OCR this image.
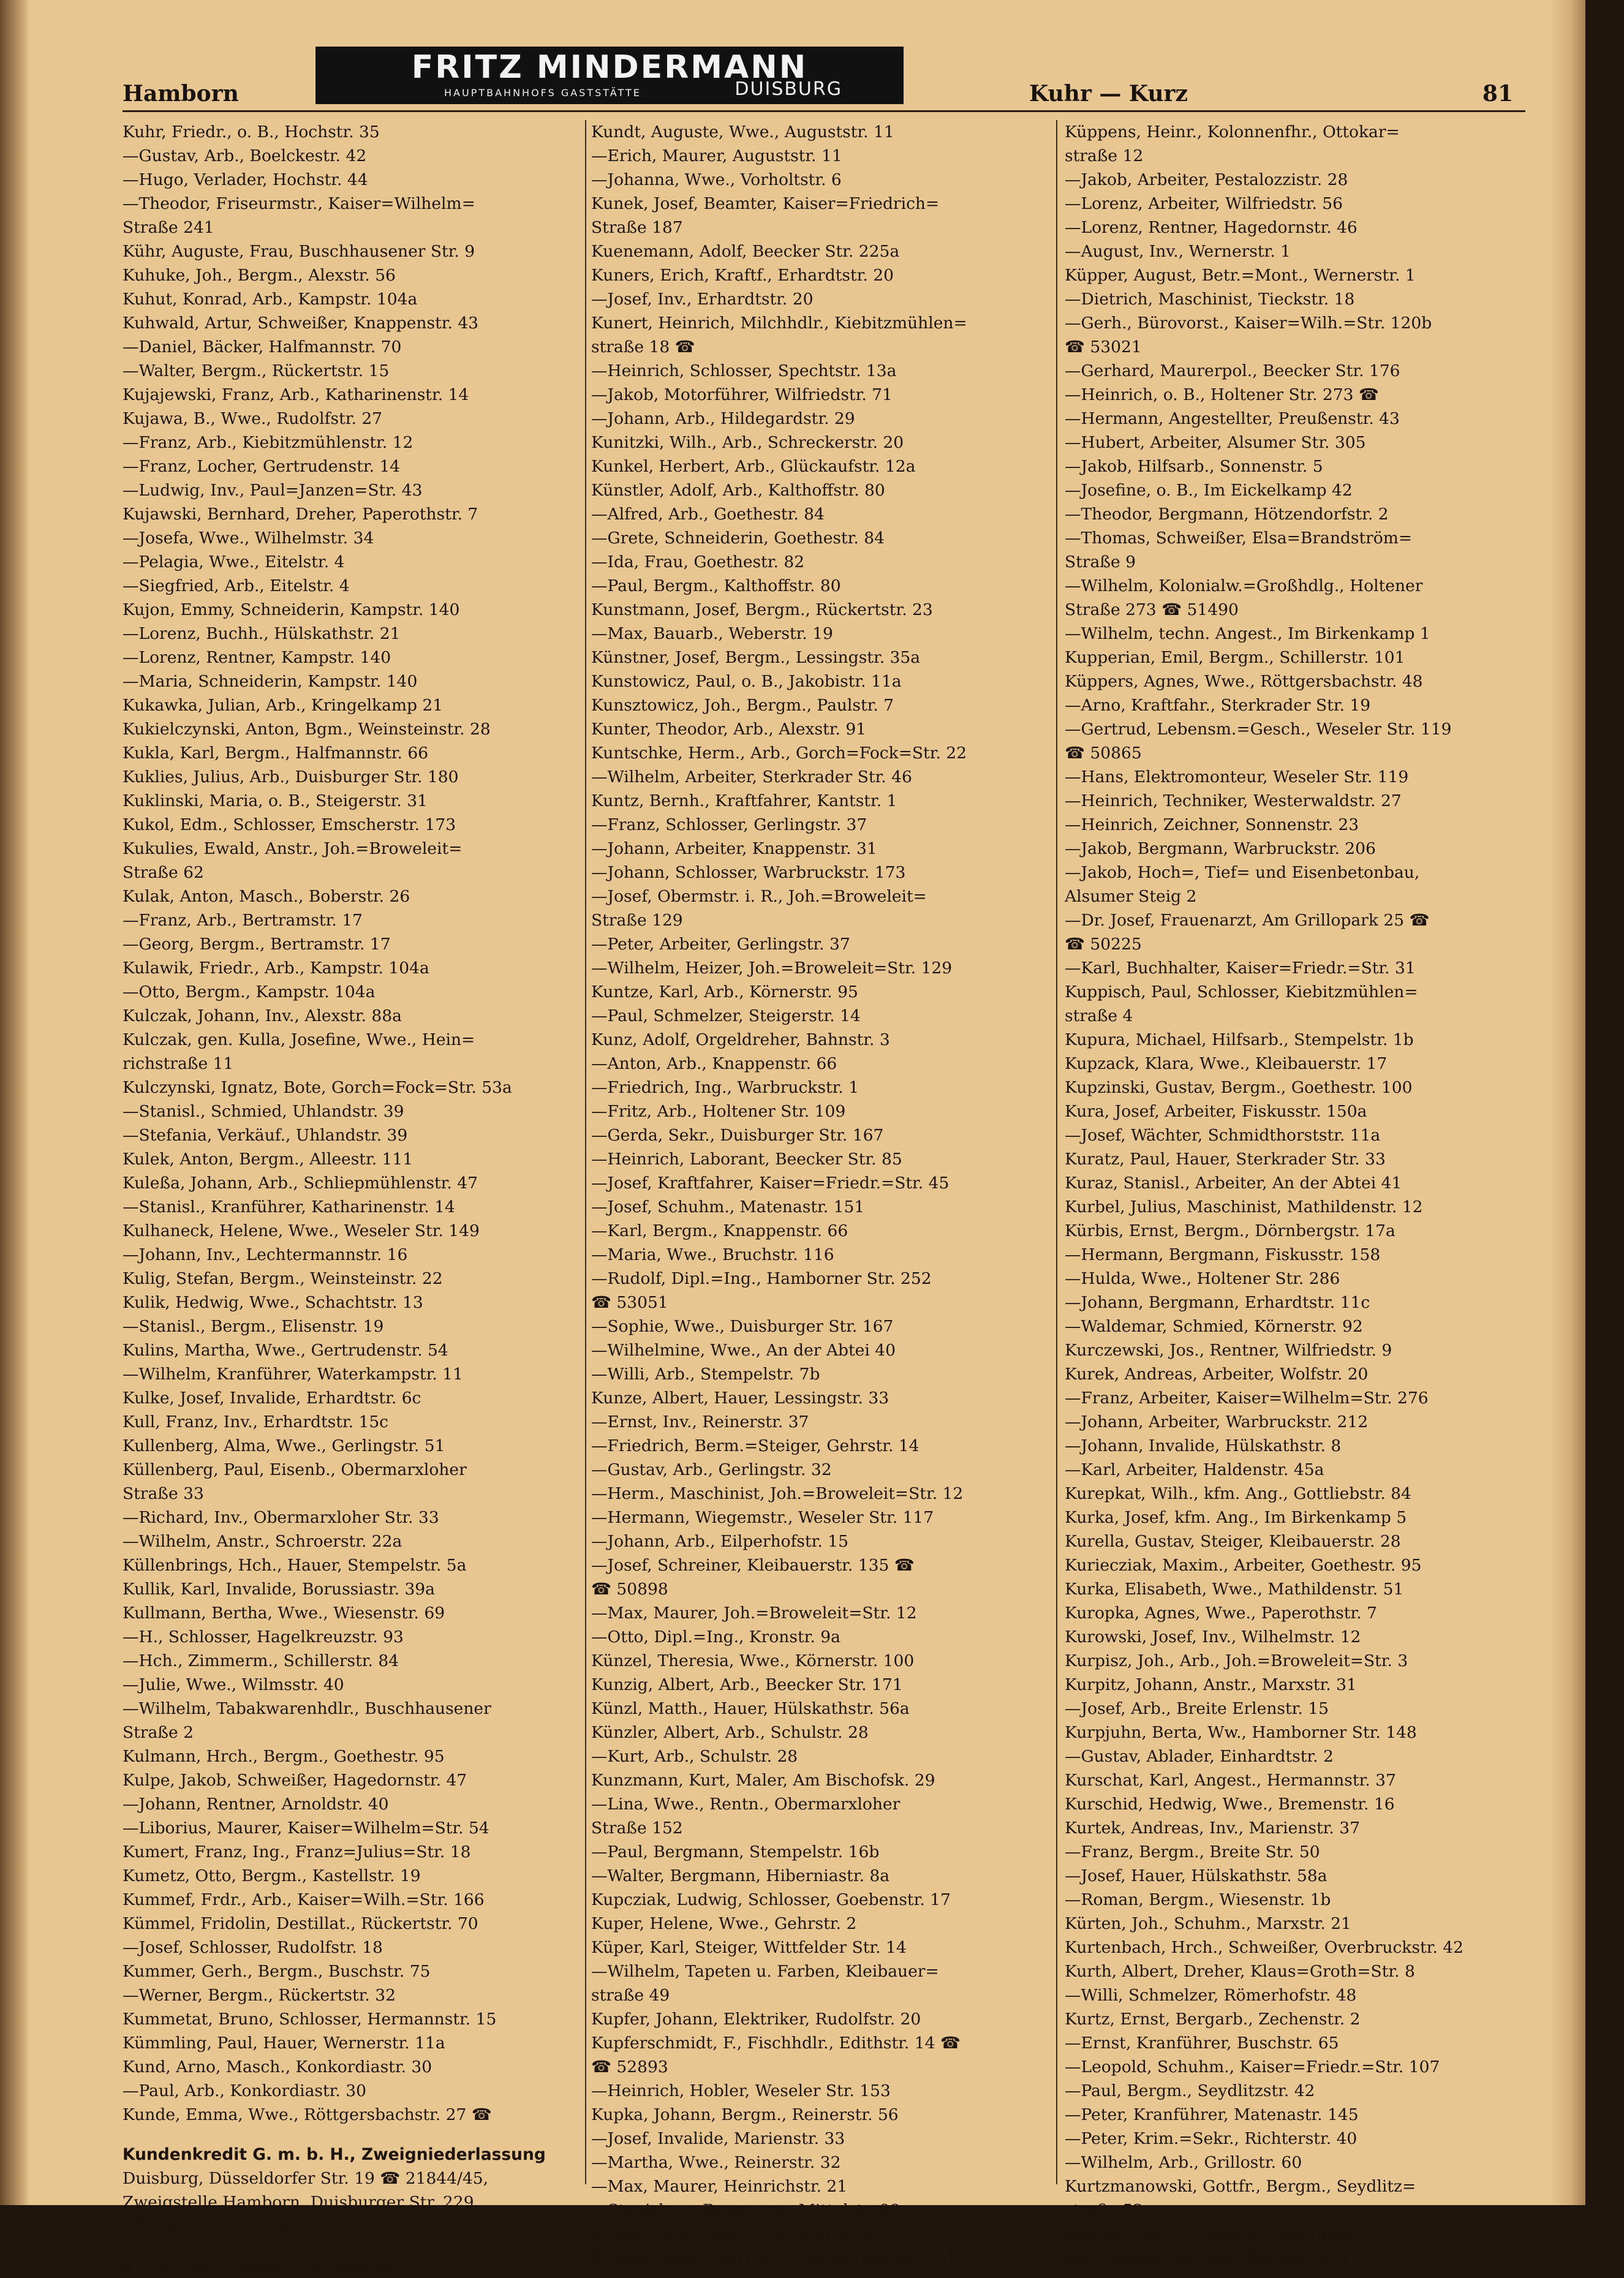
Hamborn
FRITZ MINDERMANN
HAUPTBAHNHOFS GASTSTÄTTE	DUISBURG	Kuhr — Kurz	81
Kuhr, Friedr., o. B., Hochstr. 35
—Gustav, Arb., Boelckestr. 42
—Hugo, Verlader, Hochstr. 44
—Theodor, Friseurmstr., Kaiser=Wilhelm=
Straße 241
Kühr, Auguste, Frau, Buschhausener Str. 9
Kuhuke, Joh., Bergm., Alexstr. 56
Kuhut, Konrad, Arb., Kampstr. 104a
Kuhwald, Artur, Schweißer, Knappenstr. 43
—Daniel, Bäcker, Halfmannstr. 70
—Walter, Bergm., Rückertstr. 15
Kujajewski, Franz, Arb., Katharinenstr. 14
Kujawa, B., Wwe., Rudolfstr. 27
—Franz, Arb., Kiebitzmühlenstr. 12
—Franz, Locher, Gertrudenstr. 14
—Ludwig, Inv., Paul=Janzen=Str. 43
Kujawski, Bernhard, Dreher, Paperothstr. 7
—Josefa, Wwe., Wilhelmstr. 34
—Pelagia, Wwe., Eitelstr. 4
—Siegfried, Arb., Eitelstr. 4
Kujon, Emmy, Schneiderin, Kampstr. 140
—Lorenz, Buchh., Hülskathstr. 21
—Lorenz, Rentner, Kampstr. 140
—Maria, Schneiderin, Kampstr. 140
Kukawka, Julian, Arb., Kringelkamp 21
Kukielczynski, Anton, Bgm., Weinsteinstr. 28
Kukla, Karl, Bergm., Halfmannstr. 66
Kuklies, Julius, Arb., Duisburger Str. 180
Kuklinski, Maria, o. B., Steigerstr. 31
Kukol, Edm., Schlosser, Emscherstr. 173
Kukulies, Ewald, Anstr., Joh.=Broweleit=
Straße 62
Kulak, Anton, Masch., Boberstr. 26
—Franz, Arb., Bertramstr. 17
—Georg, Bergm., Bertramstr. 17
Kulawik, Friedr., Arb., Kampstr. 104a
—Otto, Bergm., Kampstr. 104a
Kulczak, Johann, Inv., Alexstr. 88a
Kulczak, gen. Kulla, Josefine, Wwe., Hein=
richstraße 11
Kulczynski, Ignatz, Bote, Gorch=Fock=Str. 53a
—Stanisl., Schmied, Uhlandstr. 39
—Stefania, Verkäuf., Uhlandstr. 39
Kulek, Anton, Bergm., Alleestr. 111
Kuleßa, Johann, Arb., Schliepmühlenstr. 47
—Stanisl., Kranführer, Katharinenstr. 14
Kulhaneck, Helene, Wwe., Weseler Str. 149
—Johann, Inv., Lechtermannstr. 16
Kulig, Stefan, Bergm., Weinsteinstr. 22
Kulik, Hedwig, Wwe., Schachtstr. 13
—Stanisl., Bergm., Elisenstr. 19
Kulins, Martha, Wwe., Gertrudenstr. 54
—Wilhelm, Kranführer, Waterkampstr. 11
Kulke, Josef, Invalide, Erhardtstr. 6c
Kull, Franz, Inv., Erhardtstr. 15c
Kullenberg, Alma, Wwe., Gerlingstr. 51
Küllenberg, Paul, Eisenb., Obermarxloher
Straße 33
—Richard, Inv., Obermarxloher Str. 33
—Wilhelm, Anstr., Schroerstr. 22a
Küllenbrings, Hch., Hauer, Stempelstr. 5a
Kullik, Karl, Invalide, Borussiastr. 39a
Kullmann, Bertha, Wwe., Wiesenstr. 69
—H., Schlosser, Hagelkreuzstr. 93
—Hch., Zimmerm., Schillerstr. 84
—Julie, Wwe., Wilmsstr. 40
—Wilhelm, Tabakwarenhdlr., Buschhausener
Straße 2
Kulmann, Hrch., Bergm., Goethestr. 95
Kulpe, Jakob, Schweißer, Hagedornstr. 47
—Johann, Rentner, Arnoldstr. 40
—Liborius, Maurer, Kaiser=Wilhelm=Str. 54
Kumert, Franz, Ing., Franz=Julius=Str. 18
Kumetz, Otto, Bergm., Kastellstr. 19
Kummef, Frdr., Arb., Kaiser=Wilh.=Str. 166
Kümmel, Fridolin, Destillat., Rückertstr. 70
—Josef, Schlosser, Rudolfstr. 18
Kummer, Gerh., Bergm., Buschstr. 75
—Werner, Bergm., Rückertstr. 32
Kummetat, Bruno, Schlosser, Hermannstr. 15
Kümmling, Paul, Hauer, Wernerstr. 11a
Kund, Arno, Masch., Konkordiastr. 30
—Paul, Arb., Konkordiastr. 30
Kunde, Emma, Wwe., Röttgersbachstr. 27 ☎
Kundenkredit G. m. b. H., Zweigniederlassung
Duisburg, Düsseldorfer Str. 19 ☎ 21844/45,
Zweigstelle Hamborn, Duisburger Str. 229,
PK Essen 30000, DB.
Kundi, Adolf, Angest., Hülskathstr. 40
Kundt, Auguste, Wwe., Auguststr. 11
—Erich, Maurer, Auguststr. 11
—Johanna, Wwe., Vorholtstr. 6
Kunek, Josef, Beamter, Kaiser=Friedrich=
Straße 187
Kuenemann, Adolf, Beecker Str. 225a
Kuners, Erich, Kraftf., Erhardtstr. 20
—Josef, Inv., Erhardtstr. 20
Kunert, Heinrich, Milchhdlr., Kiebitzmühlen=
straße 18 ☎
—Heinrich, Schlosser, Spechtstr. 13a
—Jakob, Motorführer, Wilfriedstr. 71
—Johann, Arb., Hildegardstr. 29
Kunitzki, Wilh., Arb., Schreckerstr. 20
Kunkel, Herbert, Arb., Glückaufstr. 12a
Künstler, Adolf, Arb., Kalthoffstr. 80
—Alfred, Arb., Goethestr. 84
—Grete, Schneiderin, Goethestr. 84
—Ida, Frau, Goethestr. 82
—Paul, Bergm., Kalthoffstr. 80
Kunstmann, Josef, Bergm., Rückertstr. 23
—Max, Bauarb., Weberstr. 19
Künstner, Josef, Bergm., Lessingstr. 35a
Kunstowicz, Paul, o. B., Jakobistr. 11a
Kunsztowicz, Joh., Bergm., Paulstr. 7
Kunter, Theodor, Arb., Alexstr. 91
Kuntschke, Herm., Arb., Gorch=Fock=Str. 22
—Wilhelm, Arbeiter, Sterkrader Str. 46
Kuntz, Bernh., Kraftfahrer, Kantstr. 1
—Franz, Schlosser, Gerlingstr. 37
—Johann, Arbeiter, Knappenstr. 31
—Johann, Schlosser, Warbruckstr. 173
—Josef, Obermstr. i. R., Joh.=Broweleit=
Straße 129
—Peter, Arbeiter, Gerlingstr. 37
—Wilhelm, Heizer, Joh.=Broweleit=Str. 129
Kuntze, Karl, Arb., Körnerstr. 95
—Paul, Schmelzer, Steigerstr. 14
Kunz, Adolf, Orgeldreher, Bahnstr. 3
—Anton, Arb., Knappenstr. 66
—Friedrich, Ing., Warbruckstr. 1
—Fritz, Arb., Holtener Str. 109
—Gerda, Sekr., Duisburger Str. 167
—Heinrich, Laborant, Beecker Str. 85
—Josef, Kraftfahrer, Kaiser=Friedr.=Str. 45
—Josef, Schuhm., Matenastr. 151
—Karl, Bergm., Knappenstr. 66
—Maria, Wwe., Bruchstr. 116
—Rudolf, Dipl.=Ing., Hamborner Str. 252
☎ 53051
—Sophie, Wwe., Duisburger Str. 167
—Wilhelmine, Wwe., An der Abtei 40
—Willi, Arb., Stempelstr. 7b
Kunze, Albert, Hauer, Lessingstr. 33
—Ernst, Inv., Reinerstr. 37
—Friedrich, Berm.=Steiger, Gehrstr. 14
—Gustav, Arb., Gerlingstr. 32
—Herm., Maschinist, Joh.=Broweleit=Str. 12
—Hermann, Wiegemstr., Weseler Str. 117
—Johann, Arb., Eilperhofstr. 15
—Josef, Schreiner, Kleibauerstr. 135 ☎
☎ 50898
—Max, Maurer, Joh.=Broweleit=Str. 12
—Otto, Dipl.=Ing., Kronstr. 9a
Künzel, Theresia, Wwe., Körnerstr. 100
Kunzig, Albert, Arb., Beecker Str. 171
Künzl, Matth., Hauer, Hülskathstr. 56a
Künzler, Albert, Arb., Schulstr. 28
—Kurt, Arb., Schulstr. 28
Kunzmann, Kurt, Maler, Am Bischofsk. 29
—Lina, Wwe., Rentn., Obermarxloher
Straße 152
—Paul, Bergmann, Stempelstr. 16b
—Walter, Bergmann, Hiberniastr. 8a
Kupcziak, Ludwig, Schlosser, Goebenstr. 17
Kuper, Helene, Wwe., Gehrstr. 2
Küper, Karl, Steiger, Wittfelder Str. 14
—Wilhelm, Tapeten u. Farben, Kleibauer=
straße 49
Kupfer, Johann, Elektriker, Rudolfstr. 20
Kupferschmidt, F., Fischhdlr., Edithstr. 14 ☎
☎ 52893
—Heinrich, Hobler, Weseler Str. 153
Kupka, Johann, Bergm., Reinerstr. 56
—Josef, Invalide, Marienstr. 33
—Martha, Wwe., Reinerstr. 32
—Max, Maurer, Heinrichstr. 21
—Stanislaus, Bergmann, Mittelstr. 98
Kuppe, Paul, Bergmann, Bremenstr. 18a
Kuppel, Jakob, Bergm., Gorch=Fock=Str. 15
Küppens, Heinr., Kolonnenfhr., Ottokar=
straße 12
—Jakob, Arbeiter, Pestalozzistr. 28
—Lorenz, Arbeiter, Wilfriedstr. 56
—Lorenz, Rentner, Hagedornstr. 46
—August, Inv., Wernerstr. 1
Küpper, August, Betr.=Mont., Wernerstr. 1
—Dietrich, Maschinist, Tieckstr. 18
—Gerh., Bürovorst., Kaiser=Wilh.=Str. 120b
☎ 53021
—Gerhard, Maurerpol., Beecker Str. 176
—Heinrich, o. B., Holtener Str. 273 ☎
—Hermann, Angestellter, Preußenstr. 43
—Hubert, Arbeiter, Alsumer Str. 305
—Jakob, Hilfsarb., Sonnenstr. 5
—Josefine, o. B., Im Eickelkamp 42
—Theodor, Bergmann, Hötzendorfstr. 2
—Thomas, Schweißer, Elsa=Brandström=
Straße 9
—Wilhelm, Kolonialw.=Großhdlg., Holtener
Straße 273 ☎ 51490
—Wilhelm, techn. Angest., Im Birkenkamp 1
Kupperian, Emil, Bergm., Schillerstr. 101
Küppers, Agnes, Wwe., Röttgersbachstr. 48
—Arno, Kraftfahr., Sterkrader Str. 19
—Gertrud, Lebensm.=Gesch., Weseler Str. 119
☎ 50865
—Hans, Elektromonteur, Weseler Str. 119
—Heinrich, Techniker, Westerwaldstr. 27
—Heinrich, Zeichner, Sonnenstr. 23
—Jakob, Bergmann, Warbruckstr. 206
—Jakob, Hoch=, Tief= und Eisenbetonbau,
Alsumer Steig 2
—Dr. Josef, Frauenarzt, Am Grillopark 25 ☎
☎ 50225
—Karl, Buchhalter, Kaiser=Friedr.=Str. 31
Kuppisch, Paul, Schlosser, Kiebitzmühlen=
straße 4
Kupura, Michael, Hilfsarb., Stempelstr. 1b
Kupzack, Klara, Wwe., Kleibauerstr. 17
Kupzinski, Gustav, Bergm., Goethestr. 100
Kura, Josef, Arbeiter, Fiskusstr. 150a
—Josef, Wächter, Schmidthorststr. 11a
Kuratz, Paul, Hauer, Sterkrader Str. 33
Kuraz, Stanisl., Arbeiter, An der Abtei 41
Kurbel, Julius, Maschinist, Mathildenstr. 12
Kürbis, Ernst, Bergm., Dörnbergstr. 17a
—Hermann, Bergmann, Fiskusstr. 158
—Hulda, Wwe., Holtener Str. 286
—Johann, Bergmann, Erhardtstr. 11c
—Waldemar, Schmied, Körnerstr. 92
Kurczewski, Jos., Rentner, Wilfriedstr. 9
Kurek, Andreas, Arbeiter, Wolfstr. 20
—Franz, Arbeiter, Kaiser=Wilhelm=Str. 276
—Johann, Arbeiter, Warbruckstr. 212
—Johann, Invalide, Hülskathstr. 8
—Karl, Arbeiter, Haldenstr. 45a
Kurepkat, Wilh., kfm. Ang., Gottliebstr. 84
Kurka, Josef, kfm. Ang., Im Birkenkamp 5
Kurella, Gustav, Steiger, Kleibauerstr. 28
Kuriecziak, Maxim., Arbeiter, Goethestr. 95
Kurka, Elisabeth, Wwe., Mathildenstr. 51
Kuropka, Agnes, Wwe., Paperothstr. 7
Kurowski, Josef, Inv., Wilhelmstr. 12
Kurpisz, Joh., Arb., Joh.=Broweleit=Str. 3
Kurpitz, Johann, Anstr., Marxstr. 31
—Josef, Arb., Breite Erlenstr. 15
Kurpjuhn, Berta, Ww., Hamborner Str. 148
—Gustav, Ablader, Einhardtstr. 2
Kurschat, Karl, Angest., Hermannstr. 37
Kurschid, Hedwig, Wwe., Bremenstr. 16
Kurtek, Andreas, Inv., Marienstr. 37
—Franz, Bergm., Breite Str. 50
—Josef, Hauer, Hülskathstr. 58a
—Roman, Bergm., Wiesenstr. 1b
Kürten, Joh., Schuhm., Marxstr. 21
Kurtenbach, Hrch., Schweißer, Overbruckstr. 42
Kurth, Albert, Dreher, Klaus=Groth=Str. 8
—Willi, Schmelzer, Römerhofstr. 48
Kurtz, Ernst, Bergarb., Zechenstr. 2
—Ernst, Kranführer, Buschstr. 65
—Leopold, Schuhm., Kaiser=Friedr.=Str. 107
—Paul, Bergm., Seydlitzstr. 42
—Peter, Kranführer, Matenastr. 145
—Peter, Krim.=Sekr., Richterstr. 40
—Wilhelm, Arb., Grillostr. 60
Kurtzmanowski, Gottfr., Bergm., Seydlitz=
straße 52
Kurwitz, Adam, Rentner, Pestalozzistr. 1
Kurz, Arthur, Bergm., Steigerstr. 31
